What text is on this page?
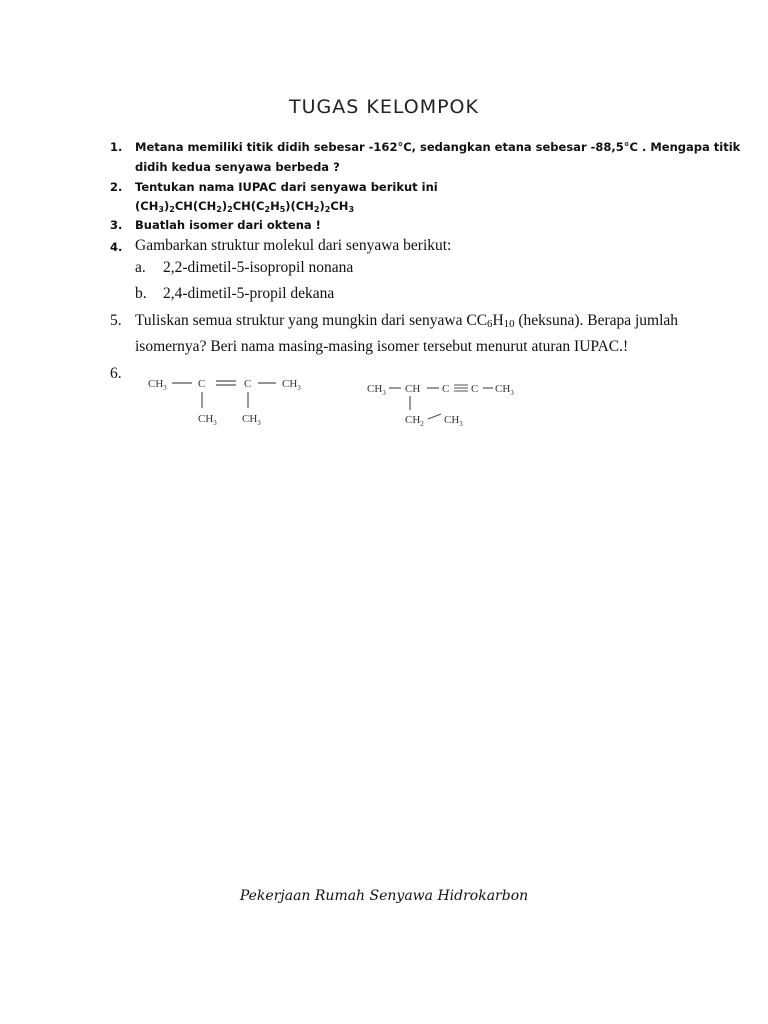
TUGAS KELOMPOK
1. Metana memiliki titik didih sebesar -162°C, sedangkan etana sebesar -88,5°C . Mengapa titik
didih kedua senyawa berbeda ?
2. Tentukan nama IUPAC dari senyawa berikut ini
$(CH_3)_2CH(CH_2)_2CH(C_2H_5)(CH_2)_2CH_3$
3. Buatlah isomer dari oktena !
4. Gambarkan struktur molekul dari senyawa berikut:
a. 2,2-dimetil-5-isopropil nonana
b. 2,4-dimetil-5-propil dekana
5. Tuliskan semua struktur yang mungkin dari senyawa $CC_6H_{10}$ (heksuna). Berapa jumlah
isomernya? Beri nama masing-masing isomer tersebut menurut aturan IUPAC.!
6.
$CH_3$	C	C	$CH_3$
$CH_3$ $CH_3$
$CH_3$ CH C C $CH_3$
$CH_2$ $CH_3$
Pekerjaan Rumah Senyawa Hidrokarbon
